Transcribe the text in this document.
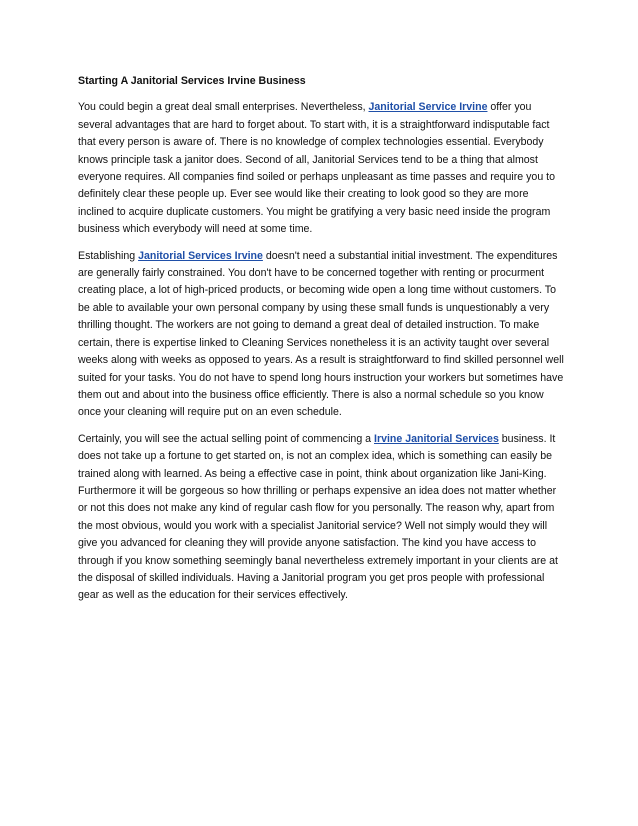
Starting A Janitorial Services Irvine Business

You could begin a great deal small enterprises. Nevertheless, Janitorial Service Irvine offer you several advantages that are hard to forget about. To start with, it is a straightforward indisputable fact that every person is aware of. There is no knowledge of complex technologies essential. Everybody knows principle task a janitor does. Second of all, Janitorial Services tend to be a thing that almost everyone requires. All companies find soiled or perhaps unpleasant as time passes and require you to definitely clear these people up. Ever see would like their creating to look good so they are more inclined to acquire duplicate customers. You might be gratifying a very basic need inside the program business which everybody will need at some time.

Establishing Janitorial Services Irvine doesn't need a substantial initial investment. The expenditures are generally fairly constrained. You don't have to be concerned together with renting or procurment creating place, a lot of high-priced products, or becoming wide open a long time without customers. To be able to available your own personal company by using these small funds is unquestionably a very thrilling thought. The workers are not going to demand a great deal of detailed instruction. To make certain, there is expertise linked to Cleaning Services nonetheless it is an activity taught over several weeks along with weeks as opposed to years. As a result is straightforward to find skilled personnel well suited for your tasks. You do not have to spend long hours instruction your workers but sometimes have them out and about into the business office efficiently. There is also a normal schedule so you know once your cleaning will require put on an even schedule.

Certainly, you will see the actual selling point of commencing a Irvine Janitorial Services business. It does not take up a fortune to get started on, is not an complex idea, which is something can easily be trained along with learned. As being a effective case in point, think about organization like Jani-King. Furthermore it will be gorgeous so how thrilling or perhaps expensive an idea does not matter whether or not this does not make any kind of regular cash flow for you personally. The reason why, apart from the most obvious, would you work with a specialist Janitorial service? Well not simply would they will give you advanced for cleaning they will provide anyone satisfaction. The kind you have access to through if you know something seemingly banal nevertheless extremely important in your clients are at the disposal of skilled individuals. Having a Janitorial program you get pros people with professional gear as well as the education for their services effectively.
